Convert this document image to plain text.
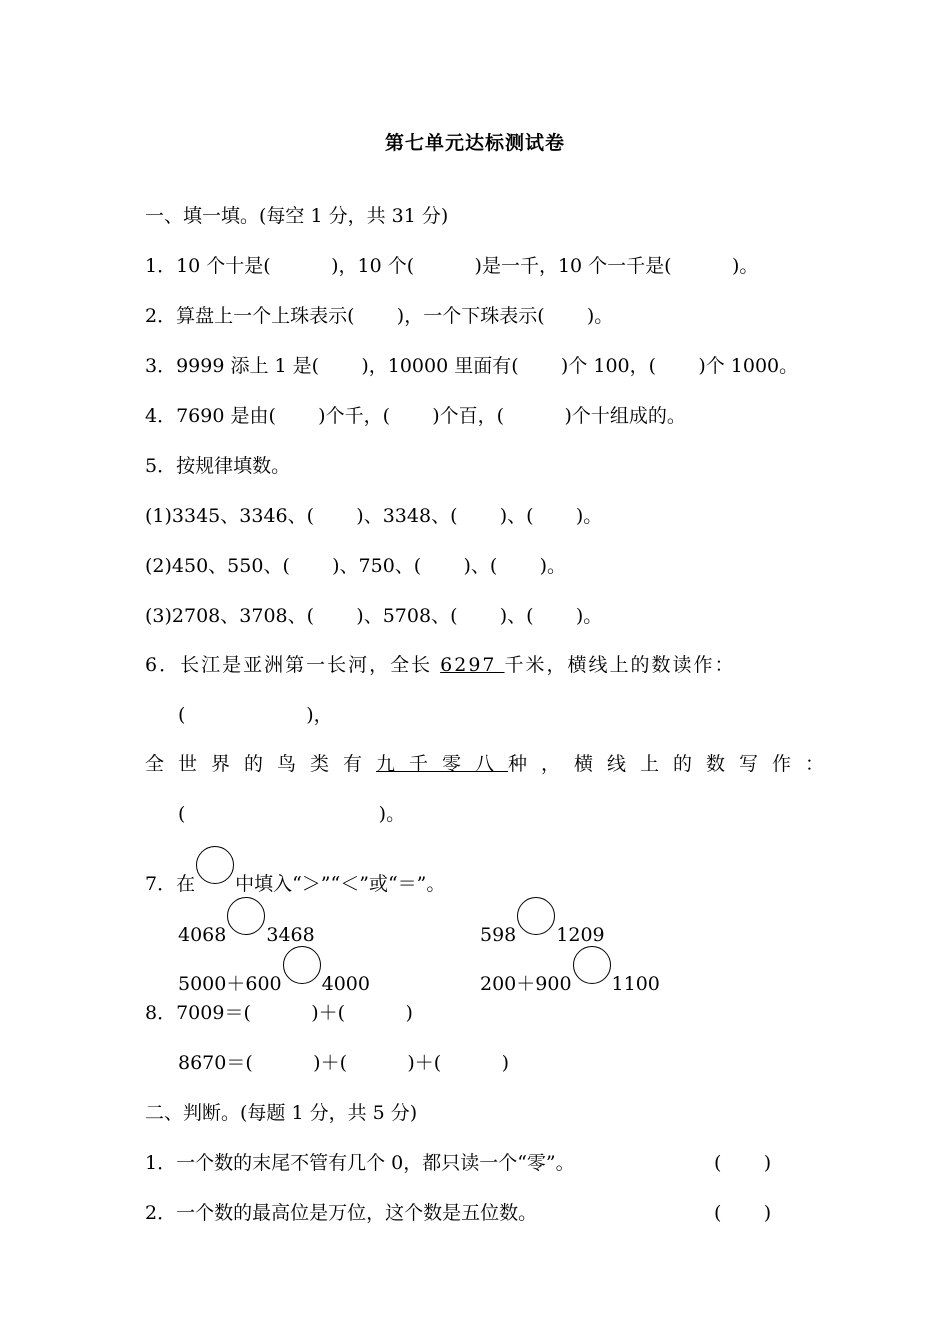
第七单元达标测试卷
一、填一填。(每空 1 分，共 31 分)
1．10 个十是(          )，10 个(          )是一千，10 个一千是(          )。
2．算盘上一个上珠表示(       )，一个下珠表示(       )。
3．9999 添上 1 是(       )，10000 里面有(       )个 100，(       )个 1000。
4．7690 是由(       )个千，(       )个百，(          )个十组成的。
5．按规律填数。
(1)3345、3346、(       )、3348、(       )、(       )。
(2)450、550、(       )、750、(       )、(       )。
(3)2708、3708、(       )、5708、(       )、(       )。
6．长江是亚洲第一长河，全长 6297 千米，横线上的数读作：
(                    )，
全世界的鸟类有九千零八种，横线上的数写作：
(                                )。
7．在 中填入“＞”“＜”或“＝”。
4068 3468	598 1209
5000＋600 4000	200＋900 1100
8．7009＝(          )＋(          )
8670＝(          )＋(          )＋(          )
二、判断。(每题 1 分，共 5 分)
1．一个数的末尾不管有几个 0，都只读一个“零”。	(       )
2．一个数的最高位是万位，这个数是五位数。	(       )
